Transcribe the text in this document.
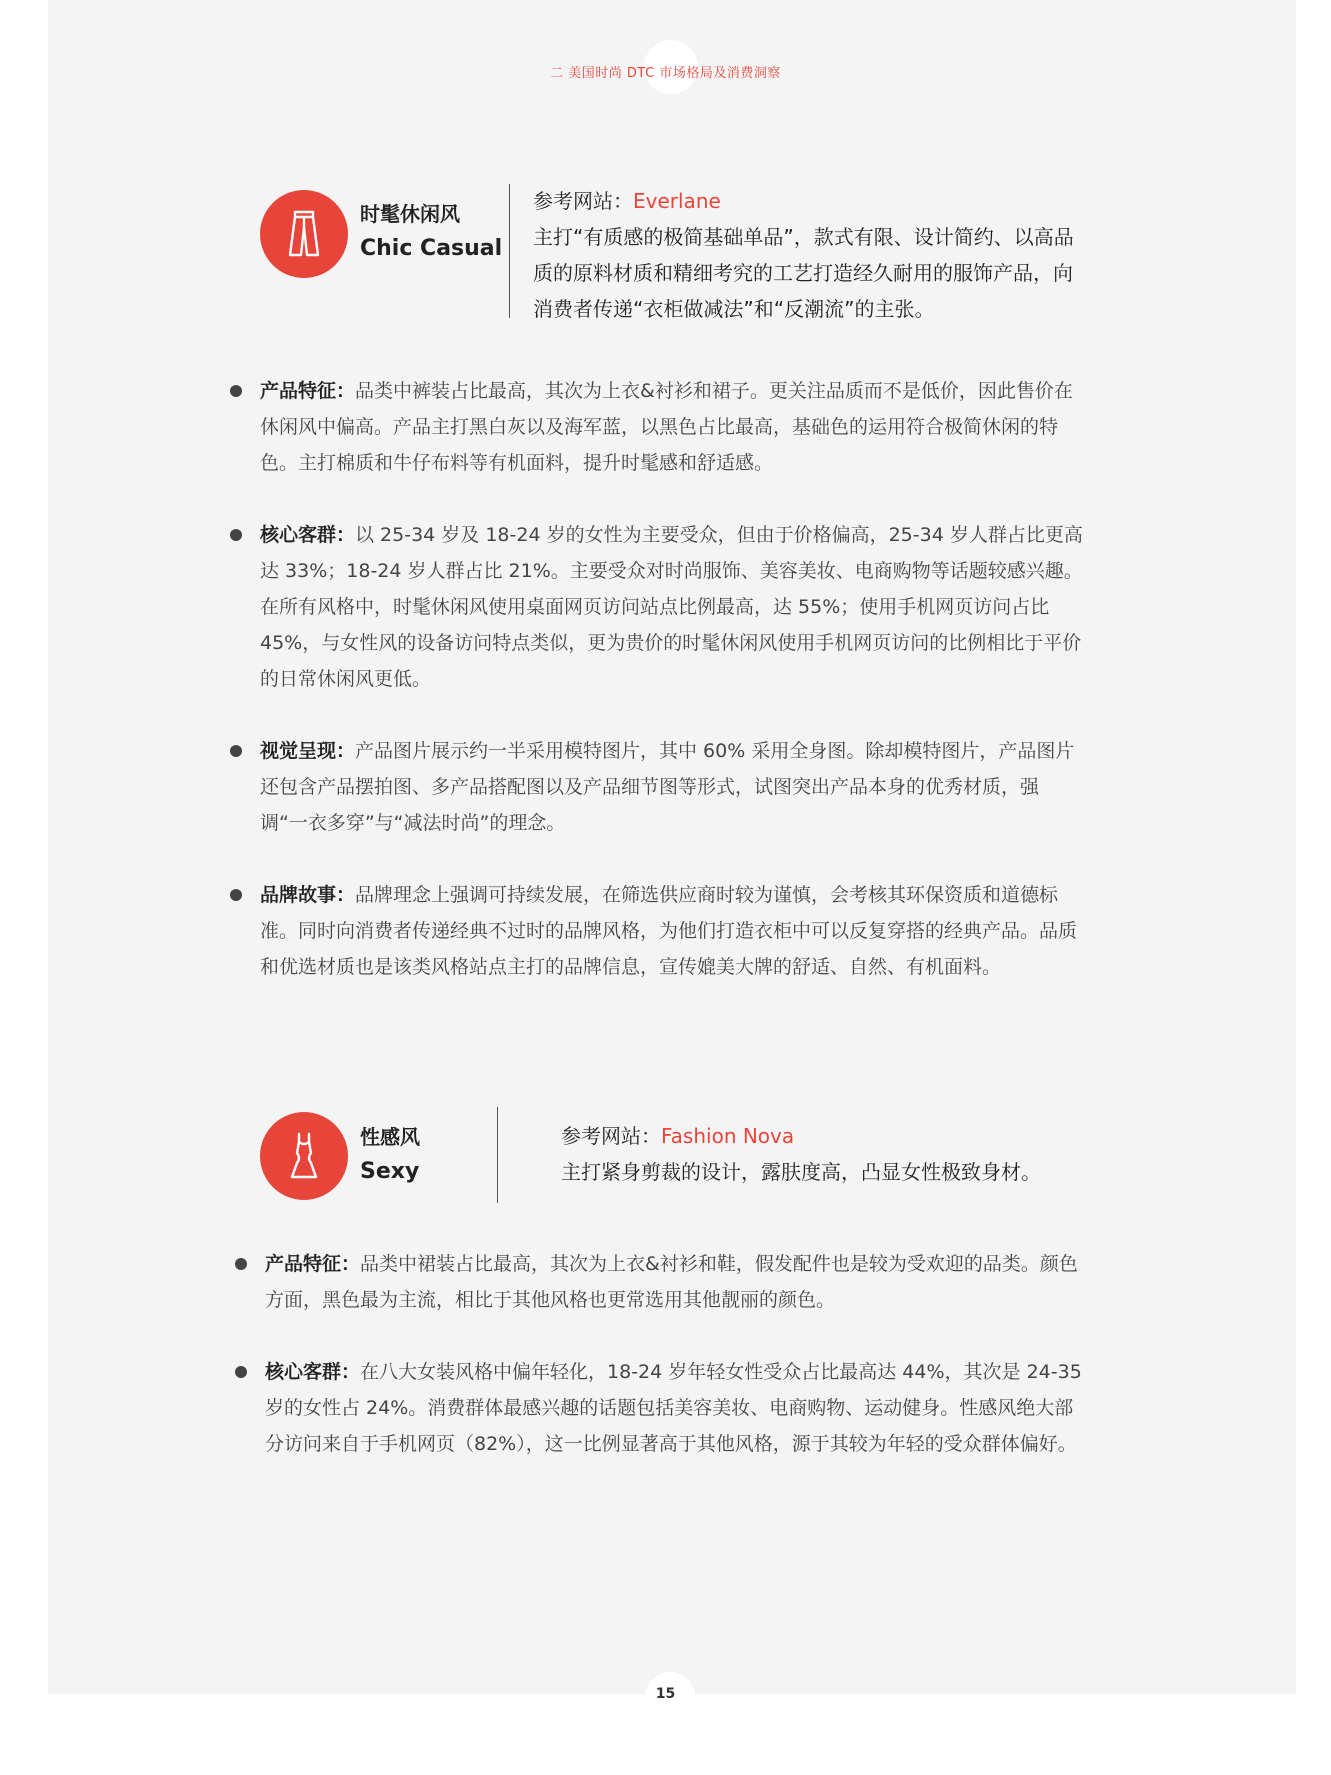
二 美国时尚 DTC 市场格局及消费洞察
时髦休闲风
Chic Casual
参考网站：Everlane
主打“有质感的极简基础单品”，款式有限、设计简约、以高品质的原料材质和精细考究的工艺打造经久耐用的服饰产品，向消费者传递“衣柜做减法”和“反潮流”的主张。
产品特征：品类中裤装占比最高，其次为上衣&衬衫和裙子。更关注品质而不是低价，因此售价在休闲风中偏高。产品主打黑白灰以及海军蓝，以黑色占比最高，基础色的运用符合极简休闲的特色。主打棉质和牛仔布料等有机面料，提升时髦感和舒适感。
核心客群：以 25-34 岁及 18-24 岁的女性为主要受众，但由于价格偏高，25-34 岁人群占比更高达 33%；18-24 岁人群占比 21%。主要受众对时尚服饰、美容美妆、电商购物等话题较感兴趣。在所有风格中，时髦休闲风使用桌面网页访问站点比例最高，达 55%；使用手机网页访问占比 45%，与女性风的设备访问特点类似，更为贵价的时髦休闲风使用手机网页访问的比例相比于平价的日常休闲风更低。
视觉呈现：产品图片展示约一半采用模特图片，其中 60% 采用全身图。除却模特图片，产品图片还包含产品摆拍图、多产品搭配图以及产品细节图等形式，试图突出产品本身的优秀材质，强调“一衣多穿”与“减法时尚”的理念。
品牌故事：品牌理念上强调可持续发展，在筛选供应商时较为谨慎，会考核其环保资质和道德标准。同时向消费者传递经典不过时的品牌风格，为他们打造衣柜中可以反复穿搭的经典产品。品质和优选材质也是该类风格站点主打的品牌信息，宣传媲美大牌的舒适、自然、有机面料。
性感风
Sexy
参考网站：Fashion Nova
主打紧身剪裁的设计，露肤度高，凸显女性极致身材。
产品特征：品类中裙装占比最高，其次为上衣&衬衫和鞋，假发配件也是较为受欢迎的品类。颜色方面，黑色最为主流，相比于其他风格也更常选用其他靓丽的颜色。
核心客群：在八大女装风格中偏年轻化，18-24 岁年轻女性受众占比最高达 44%，其次是 24-35 岁的女性占 24%。消费群体最感兴趣的话题包括美容美妆、电商购物、运动健身。性感风绝大部分访问来自于手机网页（82%），这一比例显著高于其他风格，源于其较为年轻的受众群体偏好。
15
